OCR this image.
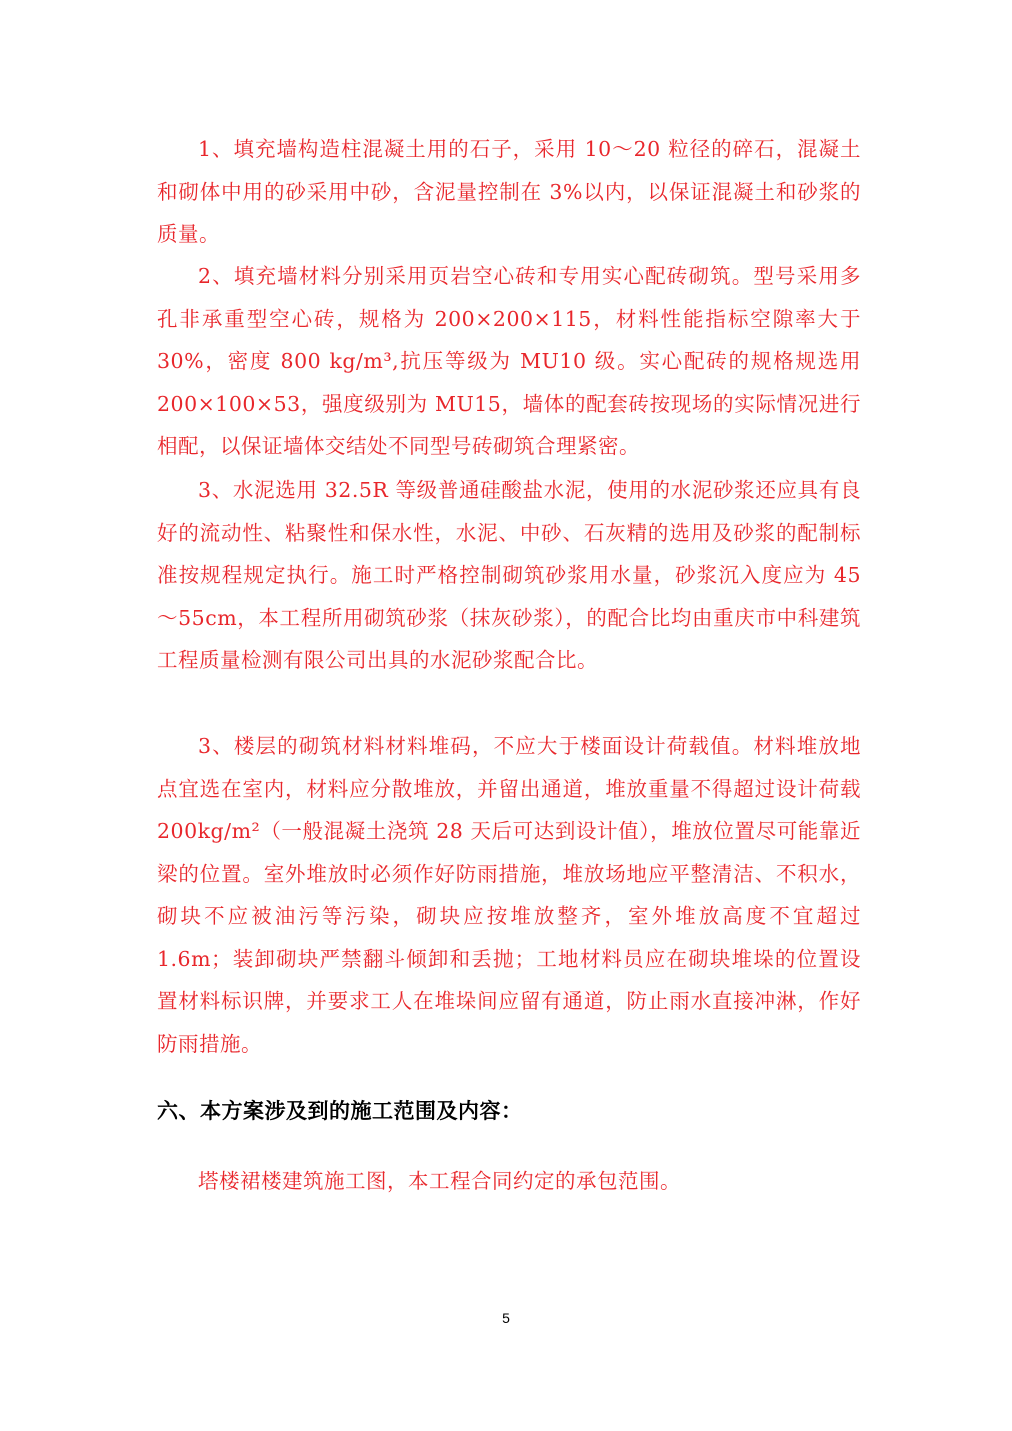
1、填充墙构造柱混凝土用的石子，采用 10～20 粒径的碎石，混凝土和砌体中用的砂采用中砂，含泥量控制在 3%以内，以保证混凝土和砂浆的质量。

2、填充墙材料分别采用页岩空心砖和专用实心配砖砌筑。型号采用多孔非承重型空心砖，规格为 200×200×115，材料性能指标空隙率大于 30%，密度 800 kg/m³,抗压等级为 MU10 级。实心配砖的规格规选用 200×100×53，强度级别为 MU15，墙体的配套砖按现场的实际情况进行相配，以保证墙体交结处不同型号砖砌筑合理紧密。

3、水泥选用 32.5R 等级普通硅酸盐水泥，使用的水泥砂浆还应具有良好的流动性、粘聚性和保水性，水泥、中砂、石灰精的选用及砂浆的配制标准按规程规定执行。施工时严格控制砌筑砂浆用水量，砂浆沉入度应为 45～55cm，本工程所用砌筑砂浆（抹灰砂浆），的配合比均由重庆市中科建筑工程质量检测有限公司出具的水泥砂浆配合比。

3、楼层的砌筑材料材料堆码，不应大于楼面设计荷载值。材料堆放地点宜选在室内，材料应分散堆放，并留出通道，堆放重量不得超过设计荷载 200kg/m²（一般混凝土浇筑 28 天后可达到设计值），堆放位置尽可能靠近梁的位置。室外堆放时必须作好防雨措施，堆放场地应平整清洁、不积水，砌块不应被油污等污染，砌块应按堆放整齐，室外堆放高度不宜超过 1.6m；装卸砌块严禁翻斗倾卸和丢抛；工地材料员应在砌块堆垛的位置设置材料标识牌，并要求工人在堆垛间应留有通道，防止雨水直接冲淋，作好防雨措施。

六、本方案涉及到的施工范围及内容：

塔楼裙楼建筑施工图，本工程合同约定的承包范围。

5
